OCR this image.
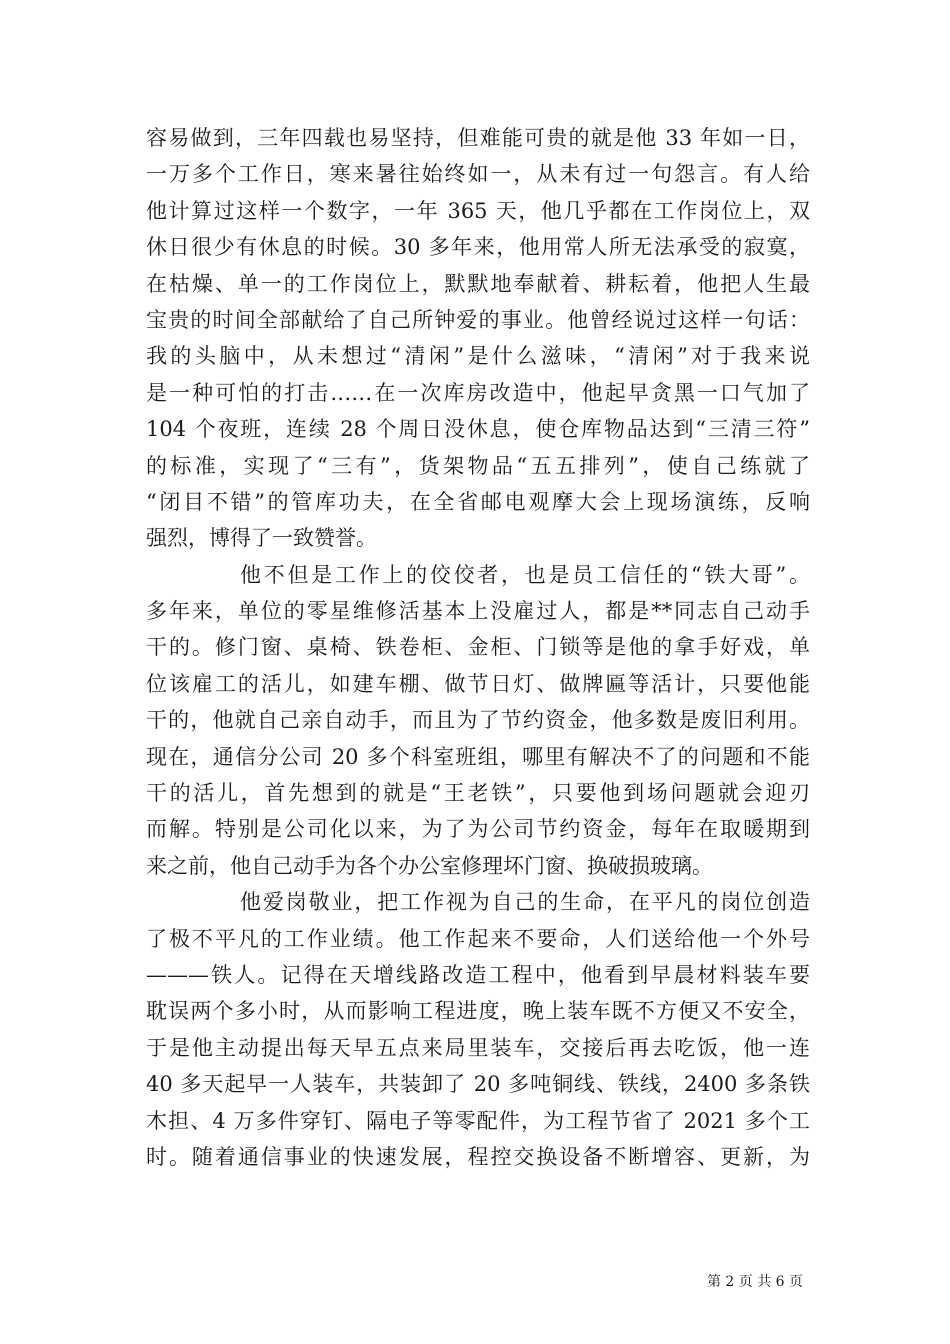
容易做到，三年四载也易坚持，但难能可贵的就是他 33 年如一日，
一万多个工作日，寒来暑往始终如一，从未有过一句怨言。有人给
他计算过这样一个数字，一年 365 天，他几乎都在工作岗位上，双
休日很少有休息的时候。30 多年来，他用常人所无法承受的寂寞，
在枯燥、单一的工作岗位上，默默地奉献着、耕耘着，他把人生最
宝贵的时间全部献给了自己所钟爱的事业。他曾经说过这样一句话：
我的头脑中，从未想过“清闲”是什么滋味，“清闲”对于我来说
是一种可怕的打击……在一次库房改造中，他起早贪黑一口气加了
104 个夜班，连续 28 个周日没休息，使仓库物品达到“三清三符”
的标准，实现了“三有”，货架物品“五五排列”，使自己练就了
“闭目不错”的管库功夫，在全省邮电观摩大会上现场演练，反响
强烈，博得了一致赞誉。
他不但是工作上的佼佼者，也是员工信任的“铁大哥”。
多年来，单位的零星维修活基本上没雇过人，都是**同志自己动手
干的。修门窗、桌椅、铁卷柜、金柜、门锁等是他的拿手好戏，单
位该雇工的活儿，如建车棚、做节日灯、做牌匾等活计，只要他能
干的，他就自己亲自动手，而且为了节约资金，他多数是废旧利用。
现在，通信分公司 20 多个科室班组，哪里有解决不了的问题和不能
干的活儿，首先想到的就是“王老铁”，只要他到场问题就会迎刃
而解。特别是公司化以来，为了为公司节约资金，每年在取暖期到
来之前，他自己动手为各个办公室修理坏门窗、换破损玻璃。
他爱岗敬业，把工作视为自己的生命，在平凡的岗位创造
了极不平凡的工作业绩。他工作起来不要命，人们送给他一个外号
———铁人。记得在天增线路改造工程中，他看到早晨材料装车要
耽误两个多小时，从而影响工程进度，晚上装车既不方便又不安全，
于是他主动提出每天早五点来局里装车，交接后再去吃饭，他一连
40 多天起早一人装车，共装卸了 20 多吨铜线、铁线，2400 多条铁
木担、4 万多件穿钉、隔电子等零配件，为工程节省了 2021 多个工
时。随着通信事业的快速发展，程控交换设备不断增容、更新，为
第 2 页 共 6 页
